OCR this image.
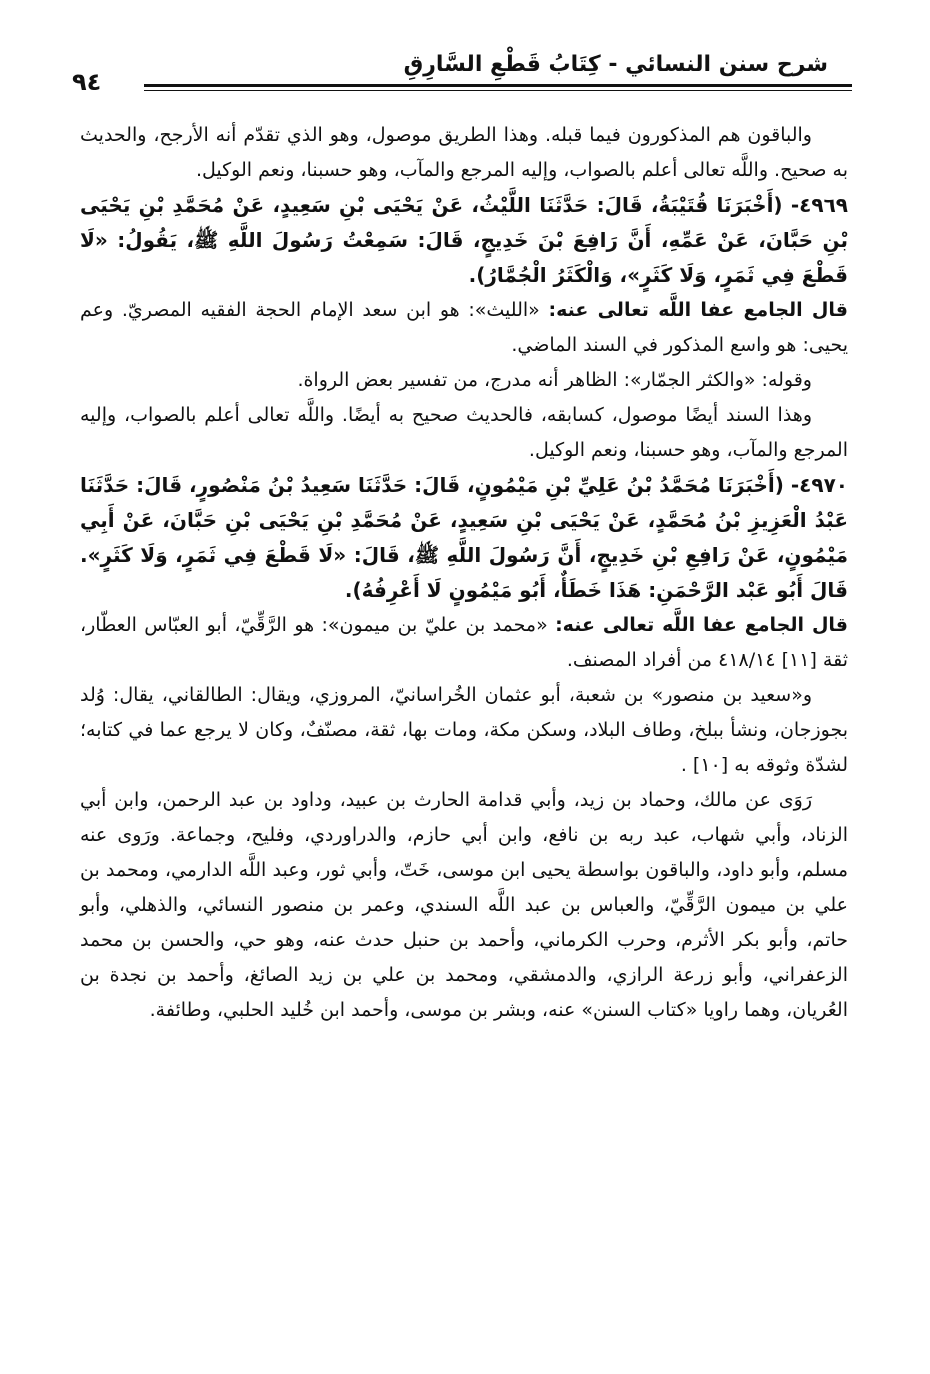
شرح سنن النسائي - كِتَابُ قَطْعِ السَّارِقِ
٩٤

والباقون هم المذكورون فيما قبله. وهذا الطريق موصول، وهو الذي تقدّم أنه الأرجح، والحديث به صحيح. واللَّه تعالى أعلم بالصواب، وإليه المرجع والمآب، وهو حسبنا، ونعم الوكيل.

٤٩٦٩- (أَخْبَرَنَا قُتَيْبَةُ، قَالَ: حَدَّثَنَا اللَّيْثُ، عَنْ يَحْيَى بْنِ سَعِيدٍ، عَنْ مُحَمَّدِ بْنِ يَحْيَى بْنِ حَبَّانَ، عَنْ عَمِّهِ، أَنَّ رَافِعَ بْنَ خَدِيجٍ، قَالَ: سَمِعْتُ رَسُولَ اللَّهِ ﷺ، يَقُولُ: «لَا قَطْعَ فِي ثَمَرٍ، وَلَا كَثَرٍ»، وَالْكَثَرُ الْجُمَّارُ).

قال الجامع عفا اللَّه تعالى عنه: «الليث»: هو ابن سعد الإمام الحجة الفقيه المصريّ. وعم يحيى: هو واسع المذكور في السند الماضي.

وقوله: «والكثر الجمّار»: الظاهر أنه مدرج، من تفسير بعض الرواة.

وهذا السند أيضًا موصول، كسابقه، فالحديث صحيح به أيضًا. واللَّه تعالى أعلم بالصواب، وإليه المرجع والمآب، وهو حسبنا، ونعم الوكيل.

٤٩٧٠- (أَخْبَرَنَا مُحَمَّدُ بْنُ عَلِيِّ بْنِ مَيْمُونٍ، قَالَ: حَدَّثَنَا سَعِيدُ بْنُ مَنْصُورٍ، قَالَ: حَدَّثَنَا عَبْدُ الْعَزِيزِ بْنُ مُحَمَّدٍ، عَنْ يَحْيَى بْنِ سَعِيدٍ، عَنْ مُحَمَّدِ بْنِ يَحْيَى بْنِ حَبَّانَ، عَنْ أَبِي مَيْمُونٍ، عَنْ رَافِعِ بْنِ خَدِيجٍ، أَنَّ رَسُولَ اللَّهِ ﷺ، قَالَ: «لَا قَطْعَ فِي ثَمَرٍ، وَلَا كَثَرٍ». قَالَ أَبُو عَبْد الرَّحْمَنِ: هَذَا خَطَأٌ، أَبُو مَيْمُونٍ لَا أَعْرِفُهُ).

قال الجامع عفا اللَّه تعالى عنه: «محمد بن عليّ بن ميمون»: هو الرَّقِّيّ، أبو العبّاس العطّار، ثقة [١١] ٤١٨/١٤ من أفراد المصنف.

و«سعيد بن منصور» بن شعبة، أبو عثمان الخُراسانيّ، المروزي، ويقال: الطالقاني، يقال: وُلد بجوزجان، ونشأ ببلخ، وطاف البلاد، وسكن مكة، ومات بها، ثقة، مصنّفٌ، وكان لا يرجع عما في كتابه؛ لشدّة وثوقه به [١٠] .

رَوَى عن مالك، وحماد بن زيد، وأبي قدامة الحارث بن عبيد، وداود بن عبد الرحمن، وابن أبي الزناد، وأبي شهاب، عبد ربه بن نافع، وابن أبي حازم، والدراوردي، وفليح، وجماعة. ورَوى عنه مسلم، وأبو داود، والباقون بواسطة يحيى ابن موسى، خَتّ، وأبي ثور، وعبد اللَّه الدارمي، ومحمد بن علي بن ميمون الرَّقِّيّ، والعباس بن عبد اللَّه السندي، وعمر بن منصور النسائي، والذهلي، وأبو حاتم، وأبو بكر الأثرم، وحرب الكرماني، وأحمد بن حنبل حدث عنه، وهو حي، والحسن بن محمد الزعفراني، وأبو زرعة الرازي، والدمشقي، ومحمد بن علي بن زيد الصائغ، وأحمد بن نجدة بن العُريان، وهما راويا «كتاب السنن» عنه، وبشر بن موسى، وأحمد ابن خُليد الحلبي، وطائفة.
